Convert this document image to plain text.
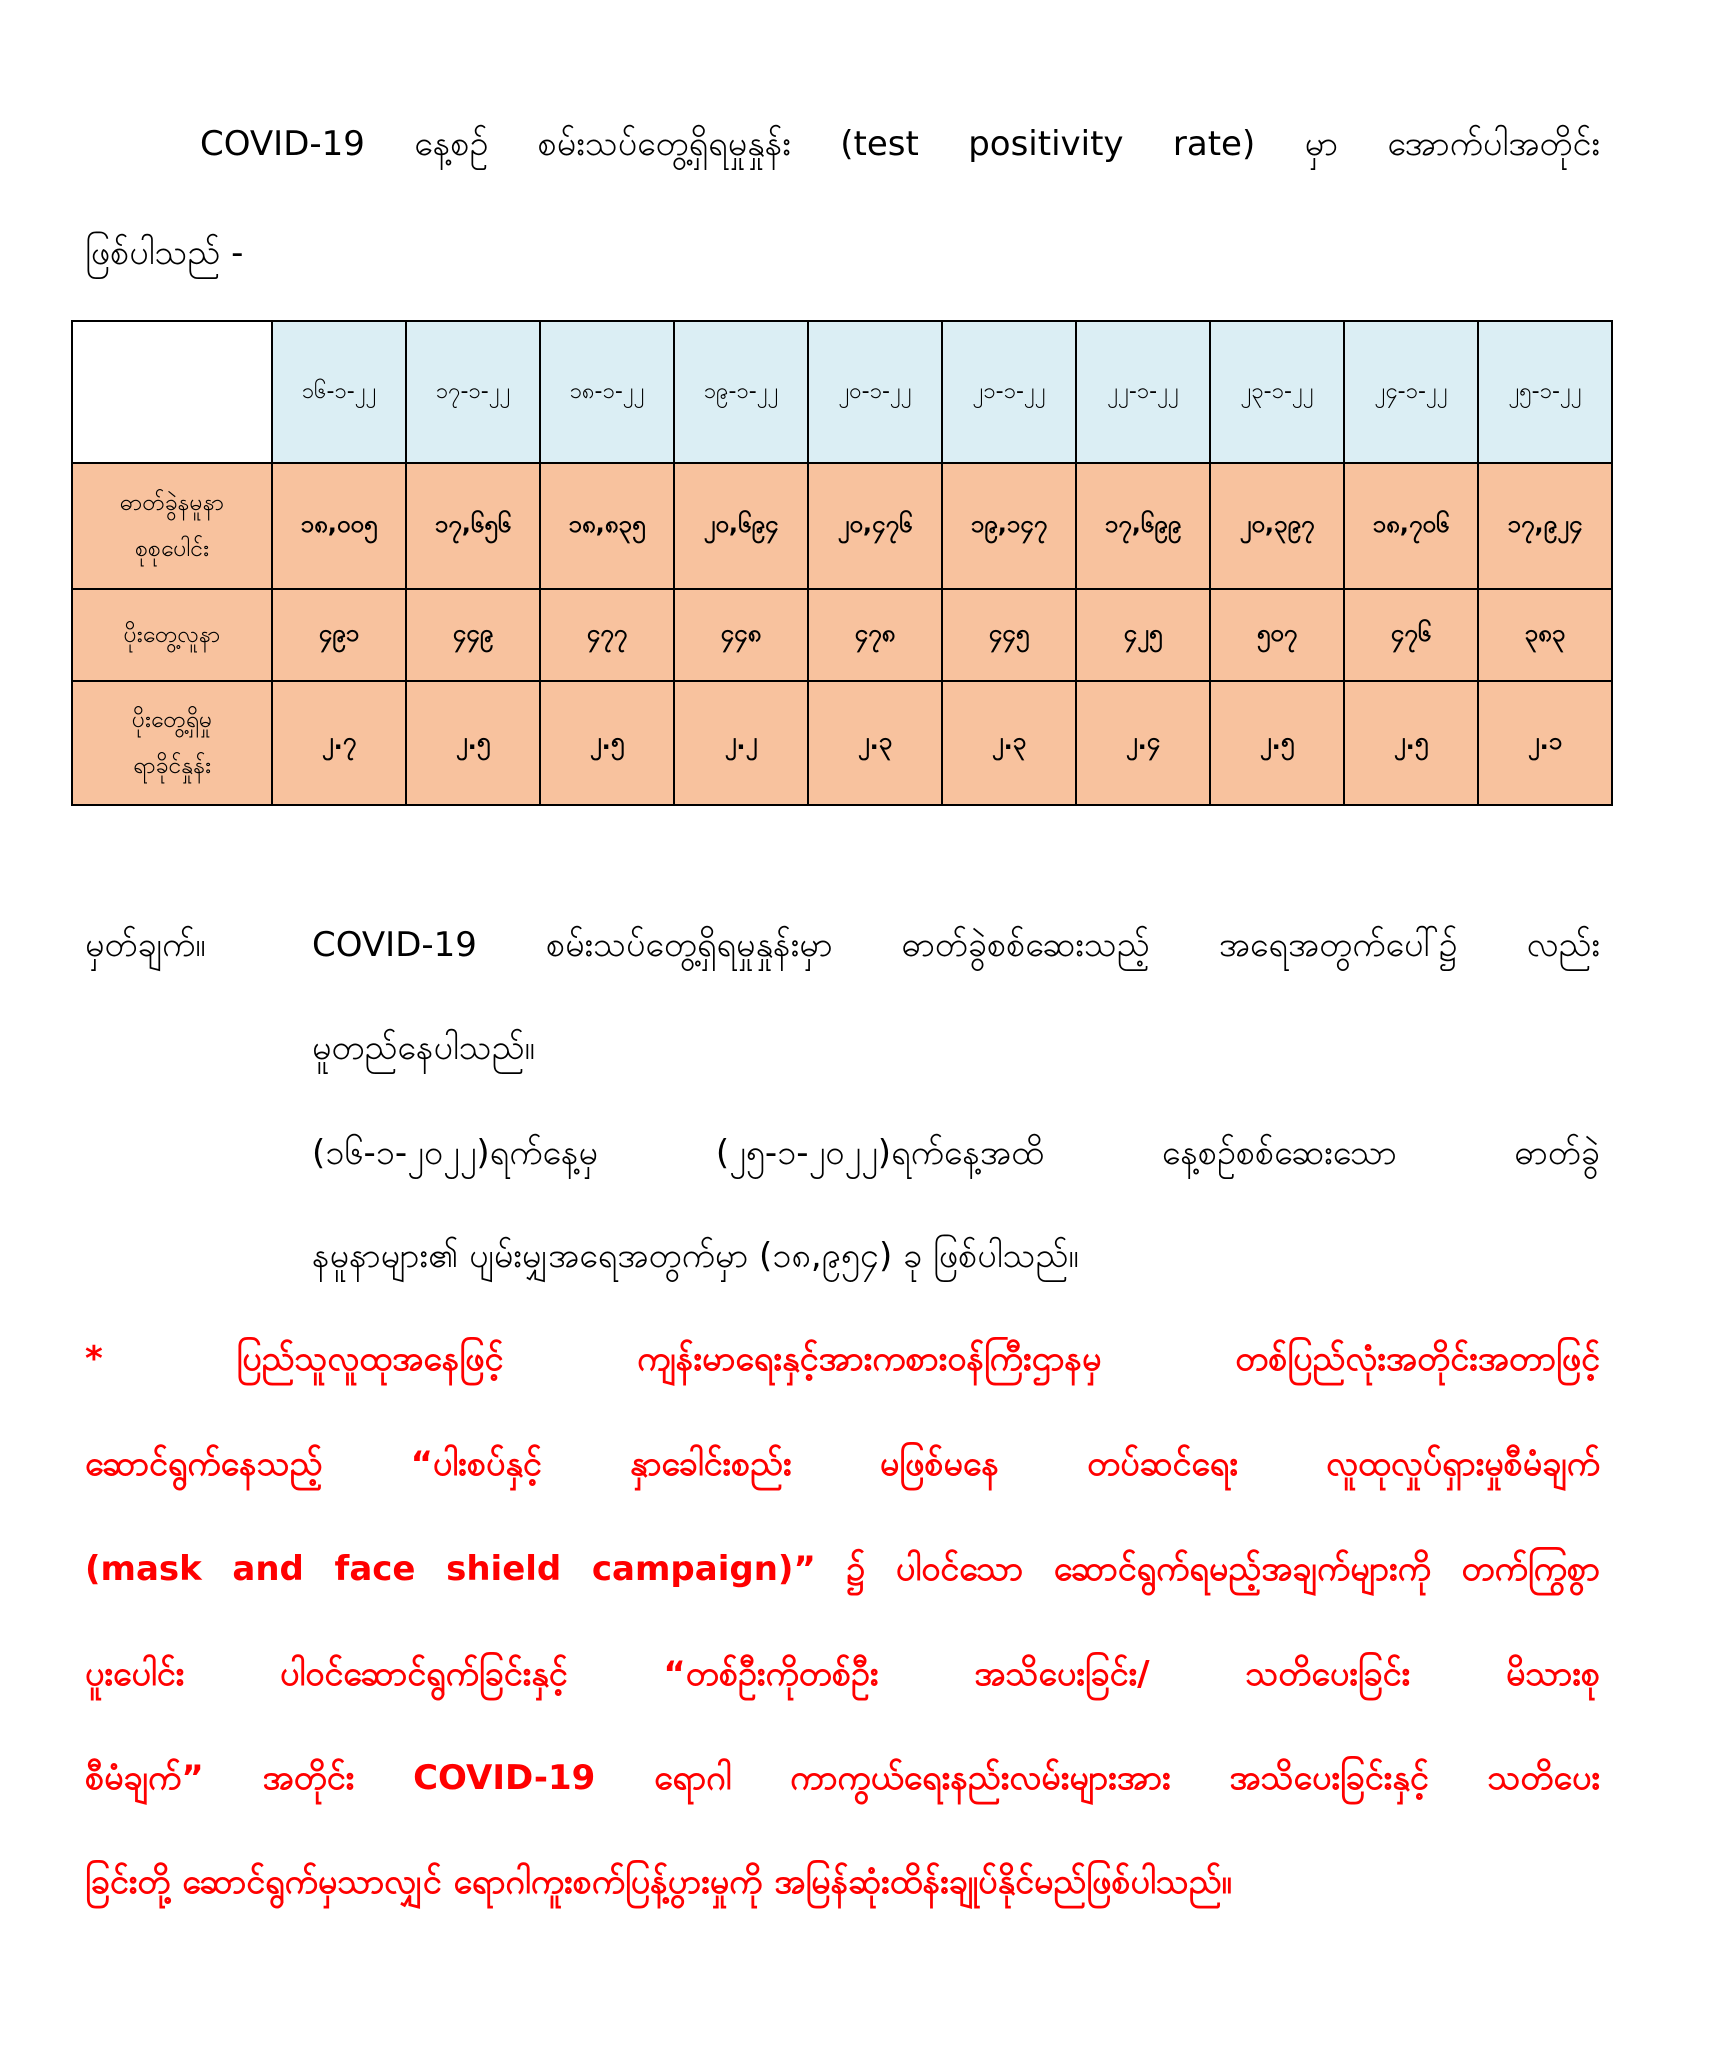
COVID-19 နေ့စဉ် စမ်းသပ်တွေ့ရှိရမှုနှုန်း (test positivity rate) မှာ အောက်ပါအတိုင်း
ဖြစ်ပါသည် -
	၁၆-၁-၂၂	၁၇-၁-၂၂	၁၈-၁-၂၂	၁၉-၁-၂၂	၂၀-၁-၂၂	၂၁-၁-၂၂	၂၂-၁-၂၂	၂၃-၁-၂၂	၂၄-၁-၂၂	၂၅-၁-၂၂

ဓာတ်ခွဲနမူနာ
စုစုပေါင်း	၁၈,၀၀၅	၁၇,၆၅၆	၁၈,၈၃၅	၂၀,၆၉၄	၂၀,၄၇၆	၁၉,၁၄၇	၁၇,၆၉၉	၂၀,၃၉၇	၁၈,၇၀၆	၁၇,၉၂၄

ပိုးတွေ့လူနာ	၄၉၁	၄၄၉	၄၇၇	၄၄၈	၄၇၈	၄၄၅	၄၂၅	၅၀၇	၄၇၆	၃၈၃

ပိုးတွေ့ရှိမှု
ရာခိုင်နှုန်း	၂.၇	၂.၅	၂.၅	၂.၂	၂.၃	၂.၃	၂.၄	၂.၅	၂.၅	၂.၁
မှတ်ချက်။	COVID-19 စမ်းသပ်တွေ့ရှိရမှုနှုန်းမှာ ဓာတ်ခွဲစစ်ဆေးသည့် အရေအတွက်ပေါ်၌ လည်း
မူတည်နေပါသည်။
(၁၆-၁-၂၀၂၂)ရက်နေ့မှ (၂၅-၁-၂၀၂၂)ရက်နေ့အထိ နေ့စဉ်စစ်ဆေးသော ဓာတ်ခွဲ
နမူနာများ၏ ပျမ်းမျှအရေအတွက်မှာ (၁၈,၉၅၄) ခု ဖြစ်ပါသည်။
* ပြည်သူလူထုအနေဖြင့် ကျန်းမာရေးနှင့်အားကစားဝန်ကြီးဌာနမှ တစ်ပြည်လုံးအတိုင်းအတာဖြင့်
ဆောင်ရွက်နေသည့် “ပါးစပ်နှင့် နှာခေါင်းစည်း မဖြစ်မနေ တပ်ဆင်ရေး လူထုလှုပ်ရှားမှုစီမံချက်
(mask and face shield campaign)” ၌ ပါဝင်သော ဆောင်ရွက်ရမည့်အချက်များကို တက်ကြွစွာ
ပူးပေါင်း ပါဝင်ဆောင်ရွက်ခြင်းနှင့် “တစ်ဦးကိုတစ်ဦး အသိပေးခြင်း/ သတိပေးခြင်း မိသားစု
စီမံချက်” အတိုင်း COVID-19 ရောဂါ ကာကွယ်ရေးနည်းလမ်းများအား အသိပေးခြင်းနှင့် သတိပေး
ခြင်းတို့ ဆောင်ရွက်မှသာလျှင် ရောဂါကူးစက်ပြန့်ပွားမှုကို အမြန်ဆုံးထိန်းချုပ်နိုင်မည်ဖြစ်ပါသည်။
